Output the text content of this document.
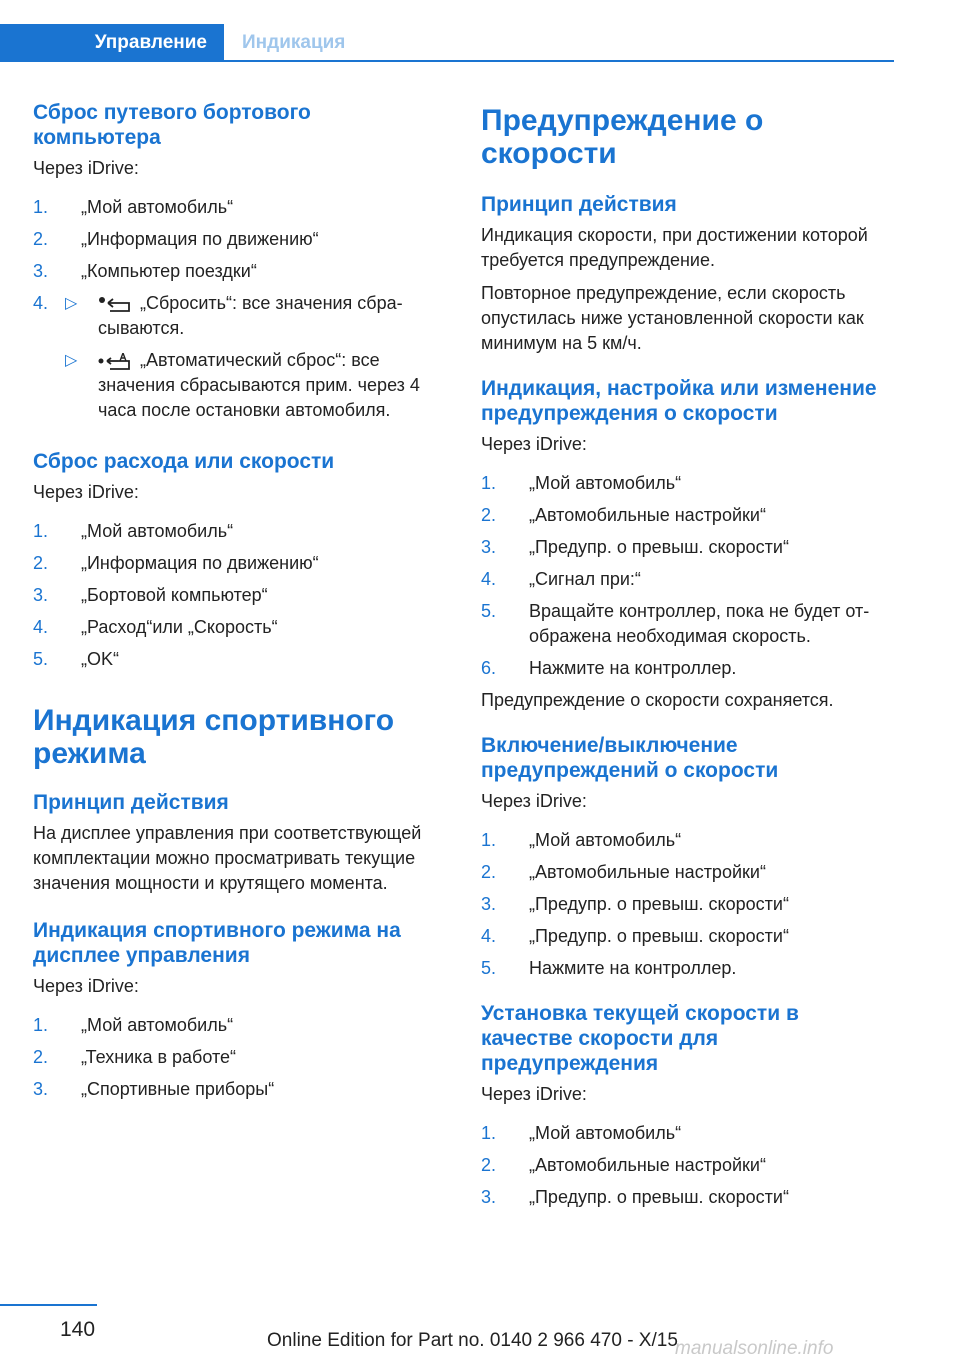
Управление	Индикация
Сброс путевого бортового компьютера
Через iDrive:
1. „Мой автомобиль“
2. „Информация по движению“
3. „Компьютер поездки“
4. ▷	„Сбросить“: все значения сбрасываются.
▷	„Автоматический сброс“: все значения сбрасываются прим. через 4 часа после остановки автомобиля.
Сброс расхода или скорости
Через iDrive:
1. „Мой автомобиль“
2. „Информация по движению“
3. „Бортовой компьютер“
4. „Расход“или „Скорость“
5. „OK“
Индикация спортивного режима
Принцип действия
На дисплее управления при соответствующей комплектации можно просматривать текущие значения мощности и крутящего момента.
Индикация спортивного режима на дисплее управления
Через iDrive:
1. „Мой автомобиль“
2. „Техника в работе“
3. „Спортивные приборы“
Предупреждение о скорости
Принцип действия
Индикация скорости, при достижении которой требуется предупреждение.
Повторное предупреждение, если скорость опустилась ниже установленной скорости как минимум на 5 км/ч.
Индикация, настройка или изменение предупреждения о скорости
Через iDrive:
1. „Мой автомобиль“
2. „Автомобильные настройки“
3. „Предупр. о превыш. скорости“
4. „Сигнал при:“
5. Вращайте контроллер, пока не будет отображена необходимая скорость.
6. Нажмите на контроллер.
Предупреждение о скорости сохраняется.
Включение/выключение предупреждений о скорости
Через iDrive:
1. „Мой автомобиль“
2. „Автомобильные настройки“
3. „Предупр. о превыш. скорости“
4. „Предупр. о превыш. скорости“
5. Нажмите на контроллер.
Установка текущей скорости в качестве скорости для предупреждения
Через iDrive:
1. „Мой автомобиль“
2. „Автомобильные настройки“
3. „Предупр. о превыш. скорости“
140	Online Edition for Part no. 0140 2 966 470 - X/15
manualsonline.info
